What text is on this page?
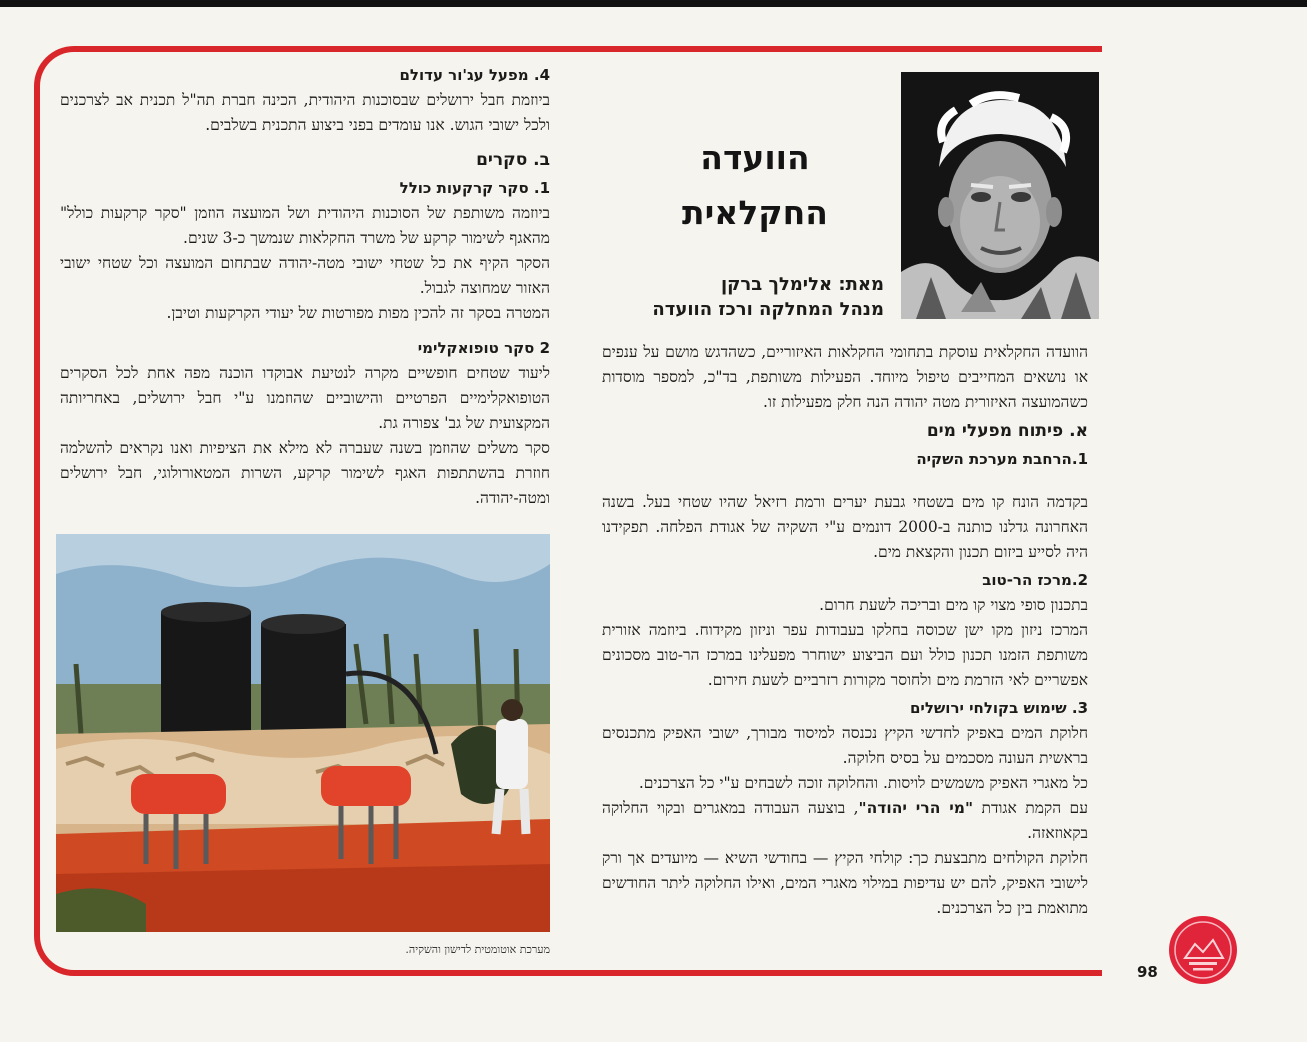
4. מפעל עג'ור עדולם

ביוזמת חבל ירושלים שבסוכנות היהודית, הכינה חברת תה"ל תכנית אב לצרכנים ולכל ישובי הגוש. אנו עומדים בפני ביצוע התכנית בשלבים.

ב. סקרים

1. סקר קרקעות כולל

ביוזמה משותפת של הסוכנות היהודית ושל המועצה הוזמן "סקר קרקעות כולל" מהאגף לשימור קרקע של משרד החקלאות שנמשך כ-3 שנים.

הסקר הקיף את כל שטחי ישובי מטה-יהודה שבתחום המועצה וכל שטחי ישובי האזור שמחוצה לגבול.

המטרה בסקר זה להכין מפות מפורטות של יעודי הקרקעות וטיבן.

2 סקר טופואקלימי

ליעוד שטחים חופשיים מקרה לנטיעת אבוקדו הוכנה מפה אחת לכל הסקרים הטופואקלימיים הפרטיים והישוביים שהוזמנו ע"י חבל ירושלים, באחריותה המקצועית של גב' צפורה גת.

סקר משלים שהוזמן בשנה שעברה לא מילא את הציפיות ואנו נקראים להשלמה חוזרת בהשתתפות האגף לשימור קרקע, השרות המטאורולוגי, חבל ירושלים ומטה-יהודה.

הוועדה
החקלאית
מאת: אלימלך ברקן
מנהל המחלקה ורכז הוועדה

הוועדה החקלאית עוסקת בתחומי החקלאות האיזוריים, כשהדגש מושם על ענפים או נושאים המחייבים טיפול מיוחד. הפעילות משותפת, בד"כ, למספר מוסדות כשהמועצה האיזורית מטה יהודה הנה חלק מפעילות זו.

א. פיתוח מפעלי מים

1.הרחבת מערכת השקיה

בקדמה הונח קו מים בשטחי גבעת יערים ורמת רזיאל שהיו שטחי בעל. בשנה האחרונה גדלנו כותנה ב-2000 דונמים ע"י השקיה של אגודת הפלחה. תפקידנו היה לסייע ביזום תכנון והקצאת מים.

2.מרכז הר-טוב

בתכנון סופי מצוי קו מים ובריכה לשעת חרום.

המרכז ניזון מקו ישן שכוסה בחלקו בעבודות עפר וניזון מקידוח. ביוזמה אזורית משותפת הזמנו תכנון כולל ועם הביצוע ישוחרר מפעלינו במרכז הר-טוב מסכונים אפשריים לאי הזרמת מים ולחוסר מקורות רזרביים לשעת חירום.

3. שימוש בקולחי ירושלים

חלוקת המים באפיק לחדשי הקיץ נכנסה למיסוד מבורך, ישובי האפיק מתכנסים בראשית העונה מסכמים על בסיס חלוקה.

כל מאגרי האפיק משמשים לויסות. והחלוקה זוכה לשבחים ע"י כל הצרכנים.

עם הקמת אגודת "מי הרי יהודה", בוצעה העבודה במאגרים ובקוי החלוקה בקאוזאזה.

חלוקת הקולחים מתבצעת כך: קולחי הקיץ — בחודשי השיא — מיועדים אך ורק לישובי האפיק, להם יש עדיפות במילוי מאגרי המים, ואילו החלוקה ליתר החודשים מתואמת בין כל הצרכנים.

מערכת אוטומטית לדישון והשקיה.
98
